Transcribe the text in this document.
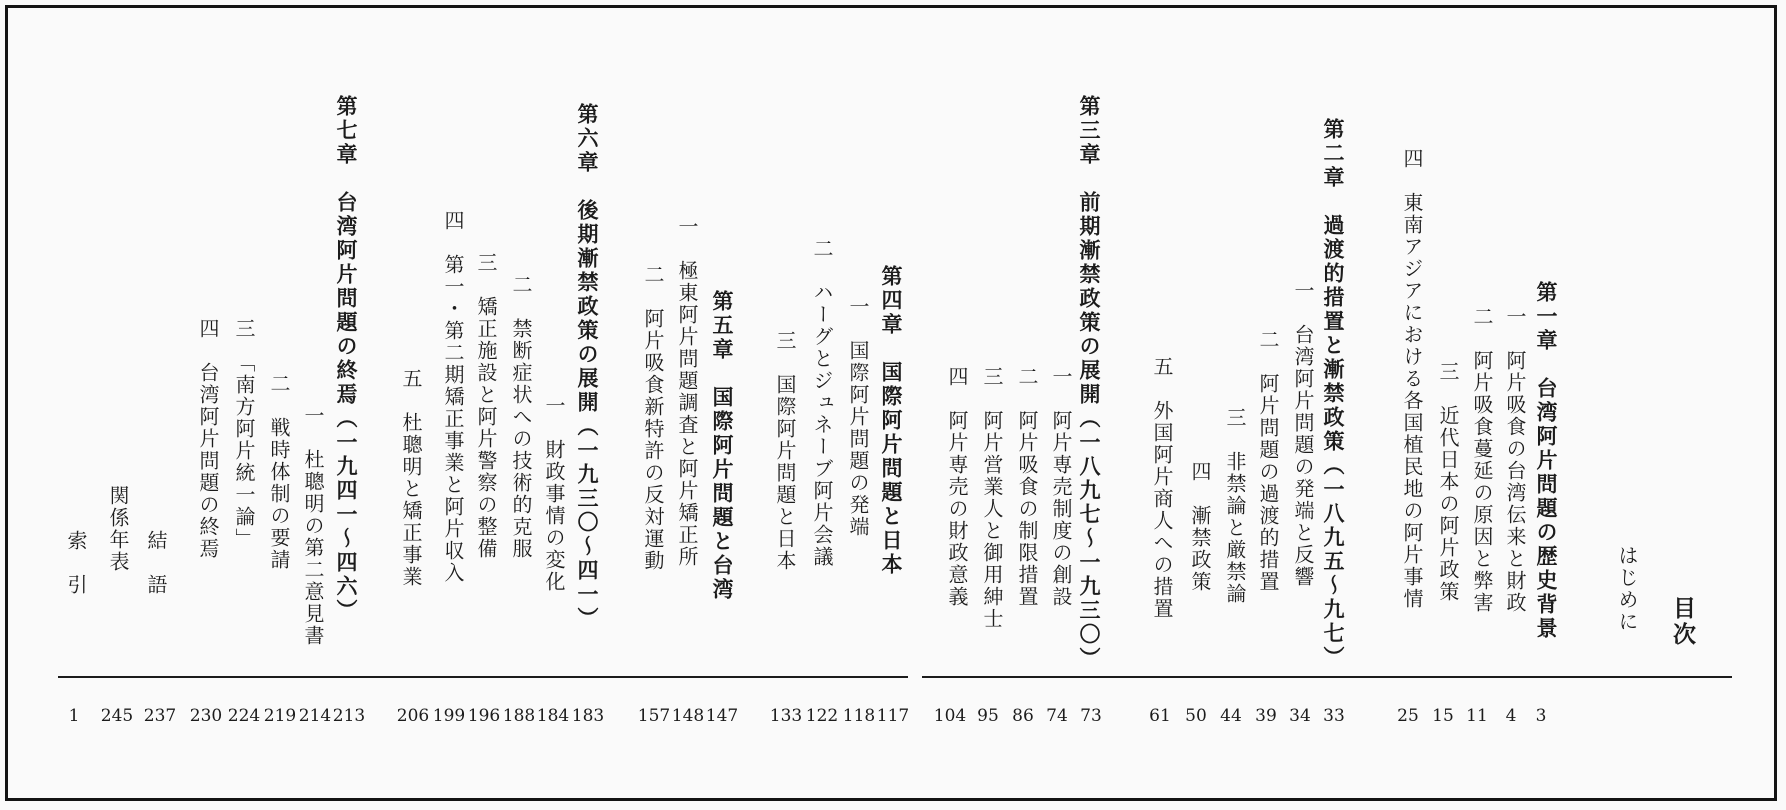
目次
はじめに
第一章　台湾阿片問題の歴史背景
一　阿片吸食の台湾伝来と財政
二　阿片吸食蔓延の原因と弊害
三　近代日本の阿片政策
四　東南アジアにおける各国植民地の阿片事情
第二章　過渡的措置と漸禁政策（一八九五～九七）
一　台湾阿片問題の発端と反響
二　阿片問題の過渡的措置
三　非禁論と厳禁論
四　漸禁政策
五　外国阿片商人への措置
第三章　前期漸禁政策の展開（一八九七～一九三〇）
一　阿片専売制度の創設
二　阿片吸食の制限措置
三　阿片営業人と御用紳士
四　阿片専売の財政意義
第四章　国際阿片問題と日本
一　国際阿片問題の発端
二　ハーグとジュネーブ阿片会議
三　国際阿片問題と日本
第五章　国際阿片問題と台湾
一　極東阿片問題調査と阿片矯正所
二　阿片吸食新特許の反対運動
第六章　後期漸禁政策の展開（一九三〇～四一）
一　財政事情の変化
二　禁断症状への技術的克服
三　矯正施設と阿片警察の整備
四　第一・第二期矯正事業と阿片収入
五　杜聰明と矯正事業
第七章　台湾阿片問題の終焉（一九四一～四六）
一　杜聰明の第二意見書
二　戦時体制の要請
三　「南方阿片統一論」
四　台湾阿片問題の終焉
結　語
関係年表
索　引
3
4
11
15
25
33
34
39
44
50
61
73
74
86
95
104
117
118
122
133
147
148
157
183
184
188
196
199
206
213
214
219
224
230
237
245
1
